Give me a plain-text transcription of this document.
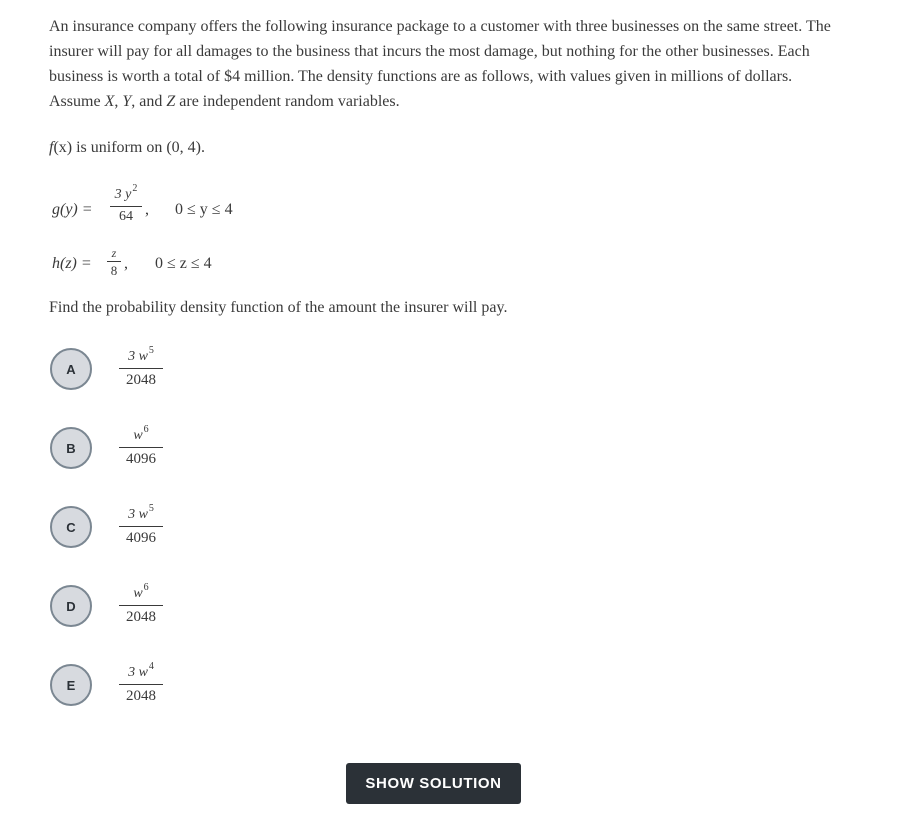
An insurance company offers the following insurance package to a customer with three businesses on the same street. The insurer will pay for all damages to the business that incurs the most damage, but nothing for the other businesses. Each business is worth a total of $4 million. The density functions are as follows, with values given in millions of dollars. Assume X, Y, and Z are independent random variables.

f(x) is uniform on (0, 4).
g(y) =
3 $y^2$
64 , 0 ≤ y ≤ 4
h(z) =
z
8 , 0 ≤ z ≤ 4
Find the probability density function of the amount the insurer will pay.
A
3 $w^5$
2048
B
$w^6$
4096
C
3 $w^5$
4096
D
$w^6$
2048
E
3 $w^4$
2048
SHOW SOLUTION
